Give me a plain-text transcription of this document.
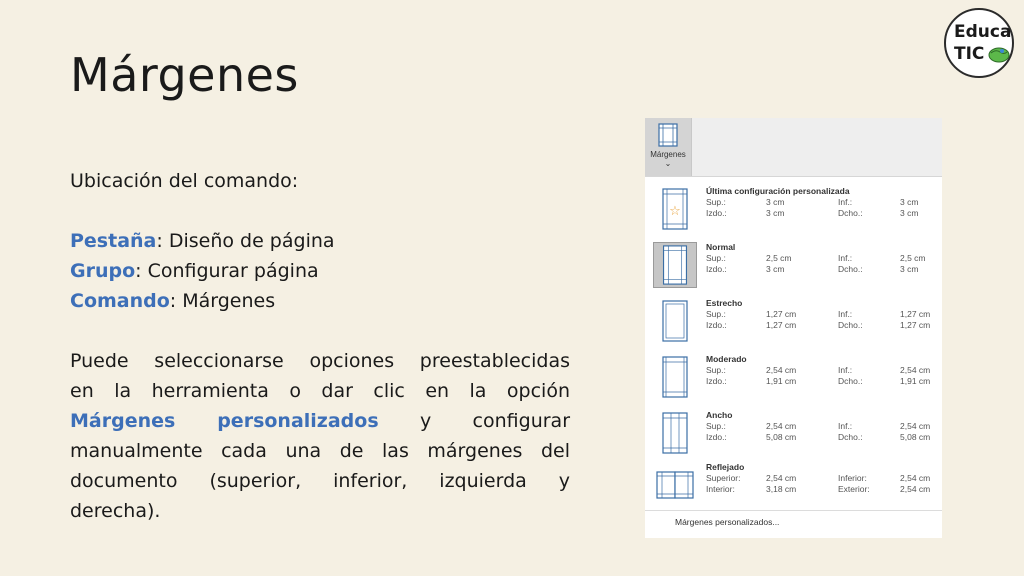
Márgenes
Educa
TIC
Ubicación del comando:
Pestaña: Diseño de página
Grupo: Configurar página
Comando: Márgenes
Puede seleccionarse opciones preestablecidas
en la herramienta o dar clic en la opción
Márgenes personalizados y configurar
manualmente cada una de las márgenes del
documento (superior, inferior, izquierda y
derecha).
Márgenes
⌄
☆
Última configuración personalizada
Sup.:	3 cm	Inf.:	3 cm
Izdo.:	3 cm	Dcho.:	3 cm
Normal
Sup.:	2,5 cm	Inf.:	2,5 cm
Izdo.:	3 cm	Dcho.:	3 cm
Estrecho
Sup.:	1,27 cm	Inf.:	1,27 cm
Izdo.:	1,27 cm	Dcho.:	1,27 cm
Moderado
Sup.:	2,54 cm	Inf.:	2,54 cm
Izdo.:	1,91 cm	Dcho.:	1,91 cm
Ancho
Sup.:	2,54 cm	Inf.:	2,54 cm
Izdo.:	5,08 cm	Dcho.:	5,08 cm
Reflejado
Superior:	2,54 cm	Inferior:	2,54 cm
Interior:	3,18 cm	Exterior:	2,54 cm
Márgenes personalizados...
